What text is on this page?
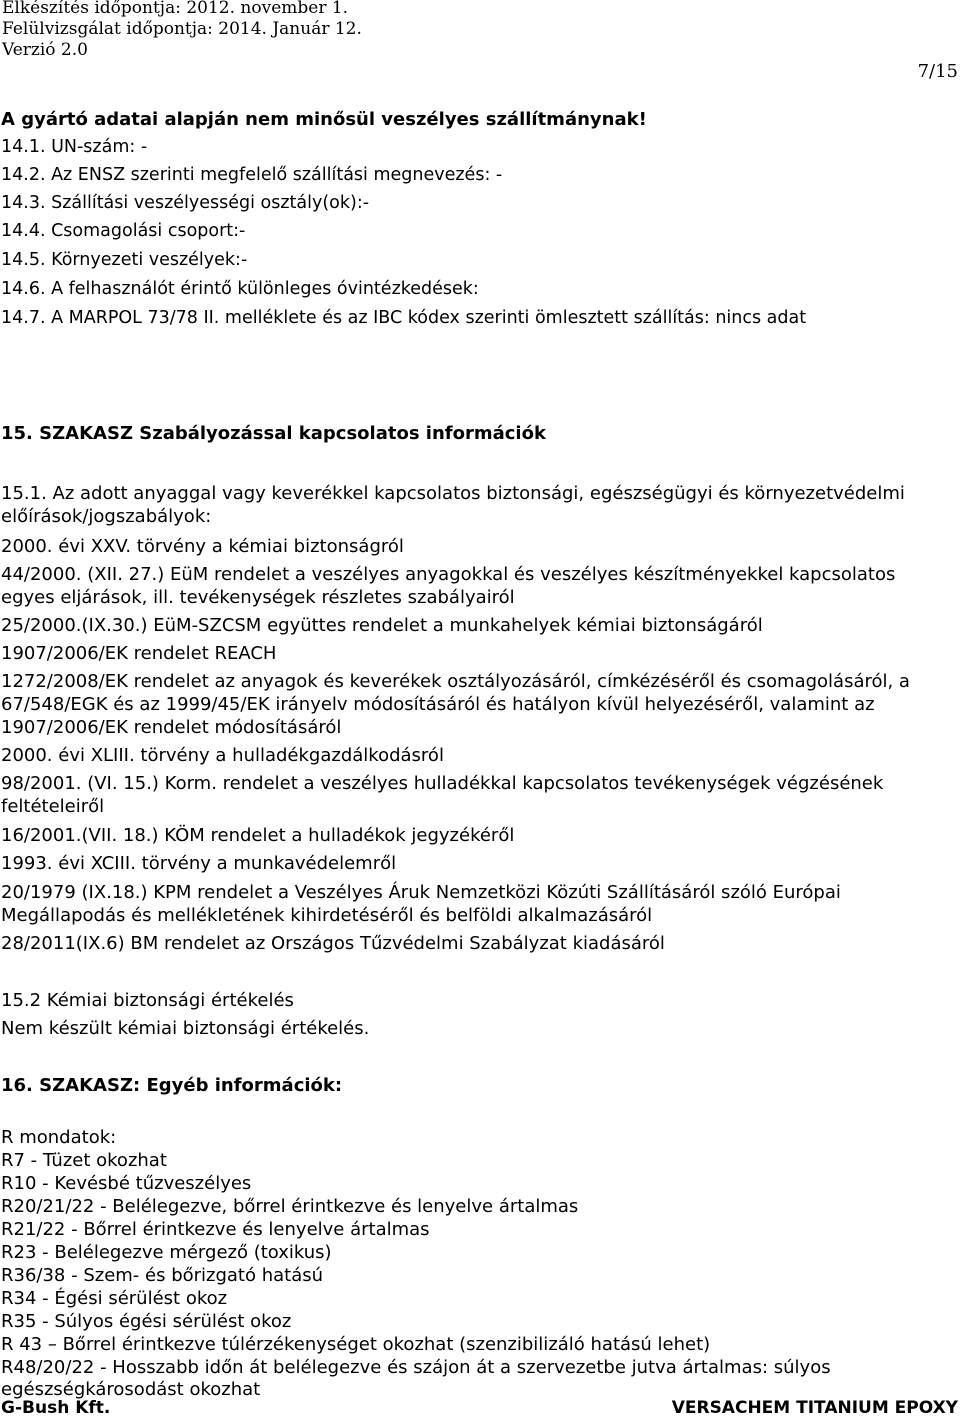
Elkészítés időpontja: 2012. november 1.
Felülvizsgálat időpontja: 2014. Január 12.
Verzió 2.0
7/15
A gyártó adatai alapján nem minősül veszélyes szállítmánynak!
14.1. UN-szám: -
14.2. Az ENSZ szerinti megfelelő szállítási megnevezés: -
14.3. Szállítási veszélyességi osztály(ok):-
14.4. Csomagolási csoport:-
14.5. Környezeti veszélyek:-
14.6. A felhasználót érintő különleges óvintézkedések:
14.7. A MARPOL 73/78 II. melléklete és az IBC kódex szerinti ömlesztett szállítás: nincs adat
15. SZAKASZ Szabályozással kapcsolatos információk
15.1. Az adott anyaggal vagy keverékkel kapcsolatos biztonsági, egészségügyi és környezetvédelmi
előírások/jogszabályok:
2000. évi XXV. törvény a kémiai biztonságról
44/2000. (XII. 27.) EüM rendelet a veszélyes anyagokkal és veszélyes készítményekkel kapcsolatos
egyes eljárások, ill. tevékenységek részletes szabályairól
25/2000.(IX.30.) EüM-SZCSM együttes rendelet a munkahelyek kémiai biztonságáról
1907/2006/EK rendelet REACH
1272/2008/EK rendelet az anyagok és keverékek osztályozásáról, címkézéséről és csomagolásáról, a
67/548/EGK és az 1999/45/EK irányelv módosításáról és hatályon kívül helyezéséről, valamint az
1907/2006/EK rendelet módosításáról
2000. évi XLIII. törvény a hulladékgazdálkodásról
98/2001. (VI. 15.) Korm. rendelet a veszélyes hulladékkal kapcsolatos tevékenységek végzésének
feltételeiről
16/2001.(VII. 18.) KÖM rendelet a hulladékok jegyzékéről
1993. évi XCIII. törvény a munkavédelemről
20/1979 (IX.18.) KPM rendelet a Veszélyes Áruk Nemzetközi Közúti Szállításáról szóló Európai
Megállapodás és mellékletének kihirdetéséről és belföldi alkalmazásáról
28/2011(IX.6) BM rendelet az Országos Tűzvédelmi Szabályzat kiadásáról
15.2 Kémiai biztonsági értékelés
Nem készült kémiai biztonsági értékelés.
16. SZAKASZ: Egyéb információk:
R mondatok:
R7 - Tüzet okozhat
R10 - Kevésbé tűzveszélyes
R20/21/22 - Belélegezve, bőrrel érintkezve és lenyelve ártalmas
R21/22 - Bőrrel érintkezve és lenyelve ártalmas
R23 - Belélegezve mérgező (toxikus)
R36/38 - Szem- és bőrizgató hatású
R34 - Égési sérülést okoz
R35 - Súlyos égési sérülést okoz
R 43 – Bőrrel érintkezve túlérzékenységet okozhat (szenzibilizáló hatású lehet)
R48/20/22 - Hosszabb időn át belélegezve és szájon át a szervezetbe jutva ártalmas: súlyos
egészségkárosodást okozhat
G-Bush Kft.	VERSACHEM TITANIUM EPOXY
